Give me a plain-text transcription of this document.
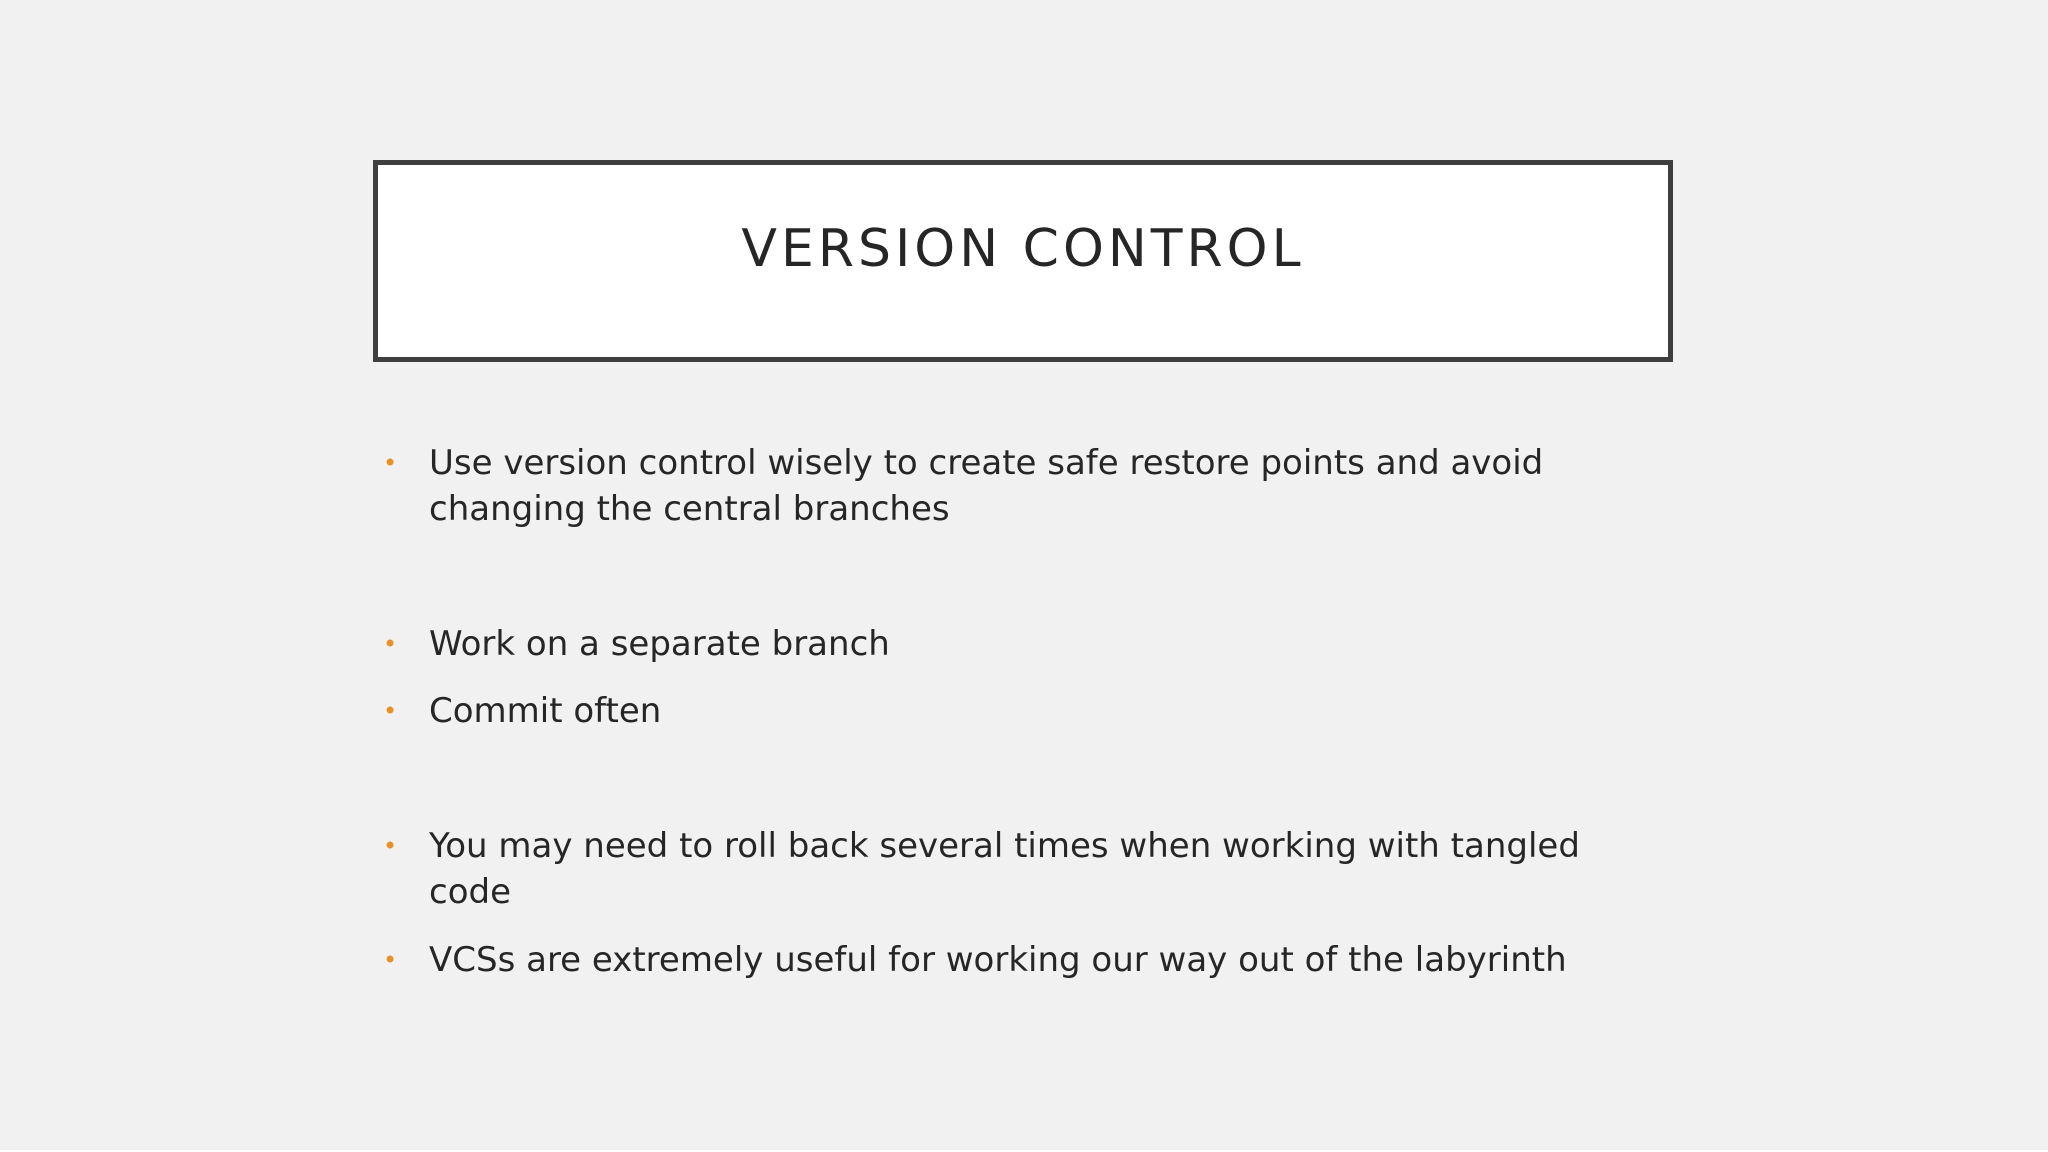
VERSION CONTROL
• Use version control wisely to create safe restore points and avoid changing the central branches
• Work on a separate branch
• Commit often
• You may need to roll back several times when working with tangled code
• VCSs are extremely useful for working our way out of the labyrinth
